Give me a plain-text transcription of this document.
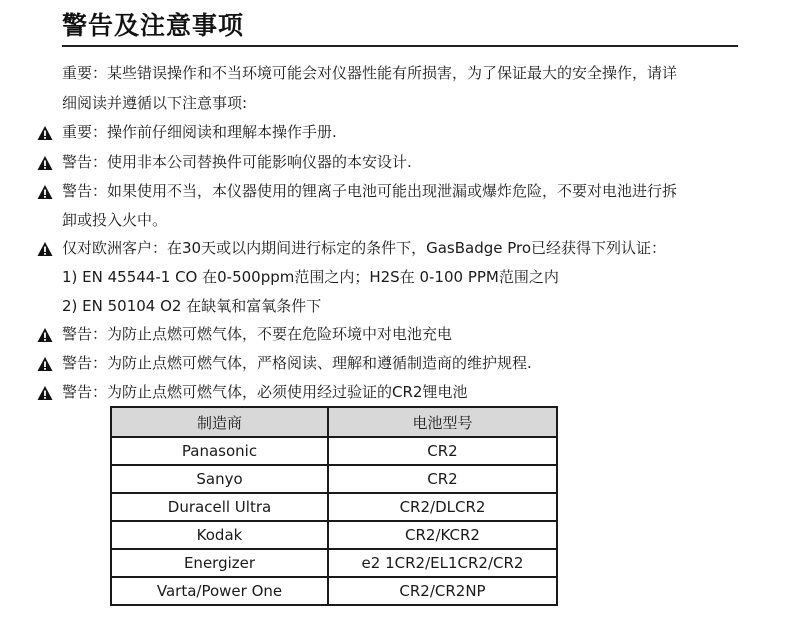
警告及注意事项
重要：某些错误操作和不当环境可能会对仪器性能有所损害，为了保证最大的安全操作，请详
细阅读并遵循以下注意事项:
重要：操作前仔细阅读和理解本操作手册.
警告：使用非本公司替换件可能影响仪器的本安设计.
警告：如果使用不当，本仪器使用的锂离子电池可能出现泄漏或爆炸危险，不要对电池进行拆
卸或投入火中。
仅对欧洲客户：在30天或以内期间进行标定的条件下，GasBadge Pro已经获得下列认证：
1) EN 45544-1 CO 在0-500ppm范围之内；H2S在 0-100 PPM范围之内
2) EN 50104 O2 在缺氧和富氧条件下
警告：为防止点燃可燃气体，不要在危险环境中对电池充电
警告：为防止点燃可燃气体，严格阅读、理解和遵循制造商的维护规程.
警告：为防止点燃可燃气体，必须使用经过验证的CR2锂电池
制造商	电池型号
Panasonic	CR2
Sanyo	CR2
Duracell Ultra	CR2/DLCR2
Kodak	CR2/KCR2
Energizer	e2 1CR2/EL1CR2/CR2
Varta/Power One	CR2/CR2NP
